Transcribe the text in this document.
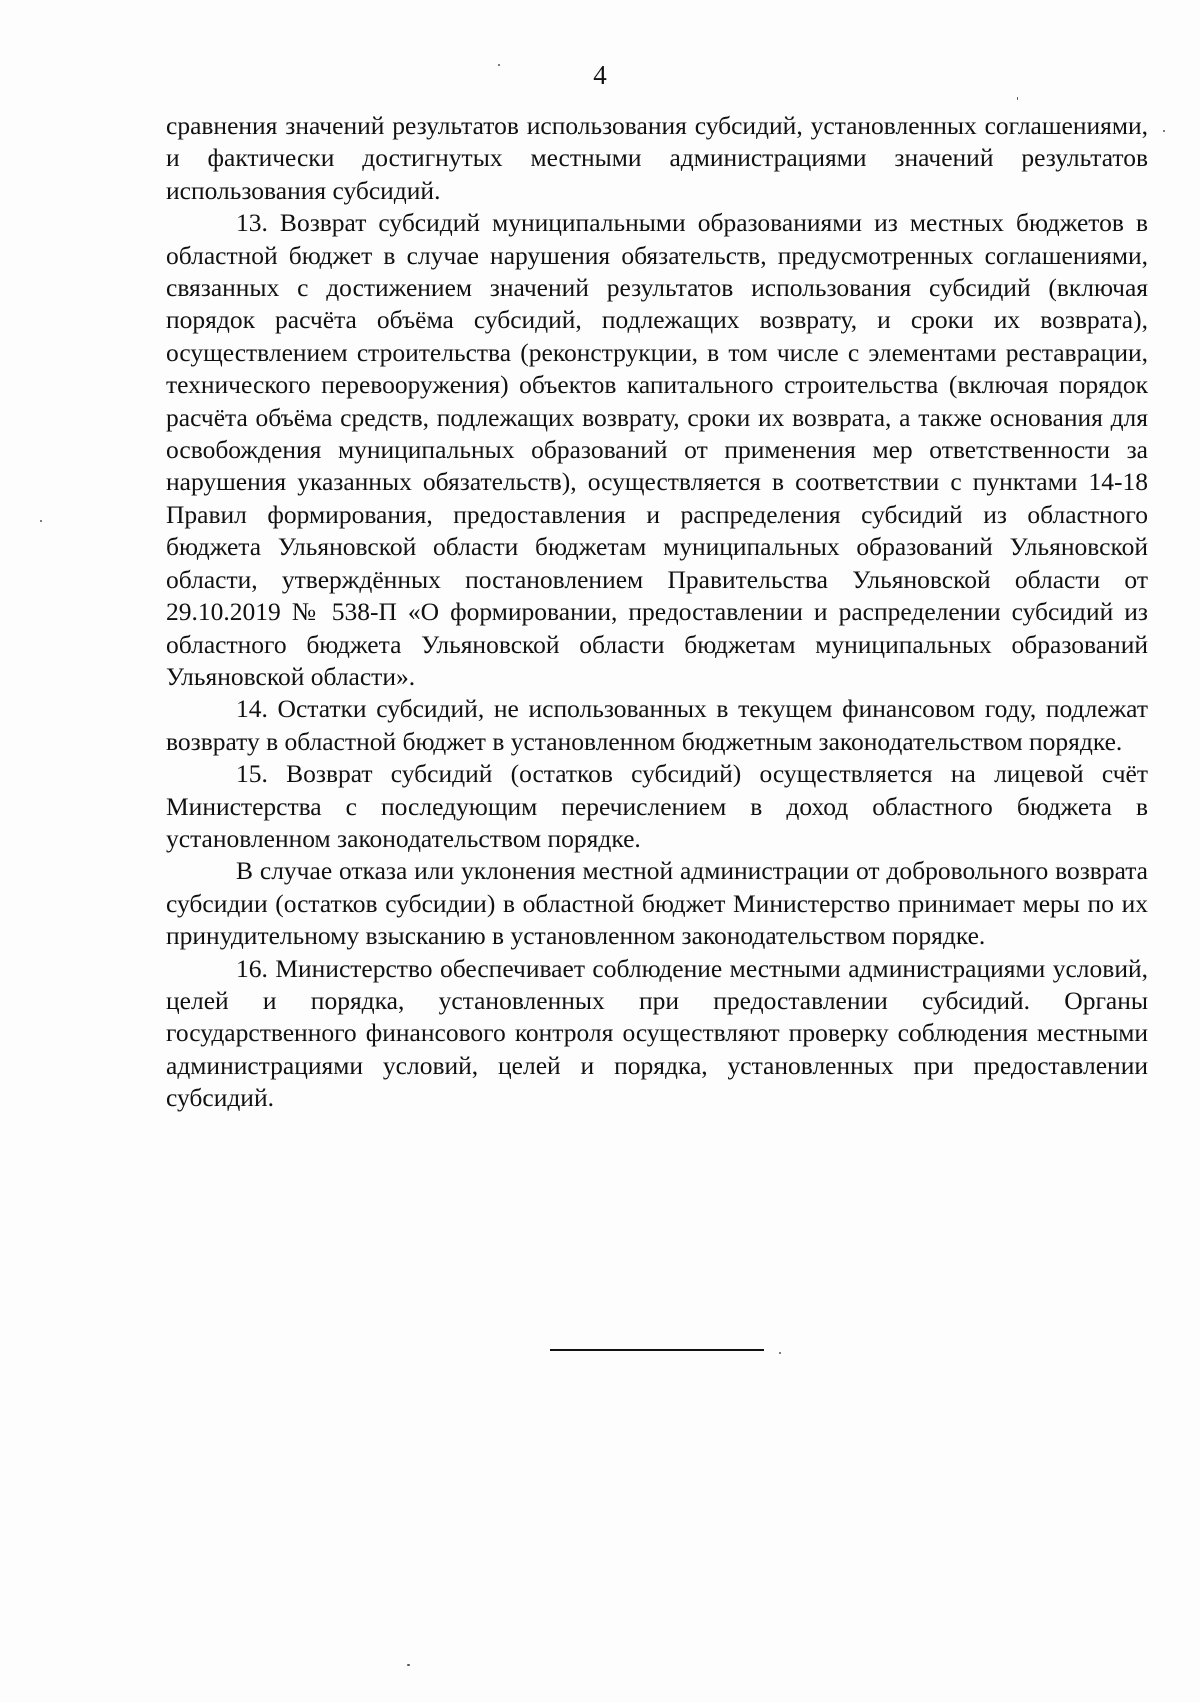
4

сравнения значений результатов использования субсидий, установленных соглашениями, и фактически достигнутых местными администрациями значений результатов использования субсидий.

13. Возврат субсидий муниципальными образованиями из местных бюджетов в областной бюджет в случае нарушения обязательств, предусмотренных соглашениями, связанных с достижением значений результатов использования субсидий (включая порядок расчёта объёма субсидий, подлежащих возврату, и сроки их возврата), осуществлением строительства (реконструкции, в том числе с элементами реставрации, технического перевооружения) объектов капитального строительства (включая порядок расчёта объёма средств, подлежащих возврату, сроки их возврата, а также основания для освобождения муниципальных образований от применения мер ответственности за нарушения указанных обязательств), осуществляется в соответствии с пунктами 14-18 Правил формирования, предоставления и распределения субсидий из областного бюджета Ульяновской области бюджетам муниципальных образований Ульяновской области, утверждённых постановлением Правительства Ульяновской области от 29.10.2019 № 538-П «О формировании, предоставлении и распределении субсидий из областного бюджета Ульяновской области бюджетам муниципальных образований Ульяновской области».

14. Остатки субсидий, не использованных в текущем финансовом году, подлежат возврату в областной бюджет в установленном бюджетным законодательством порядке.

15. Возврат субсидий (остатков субсидий) осуществляется на лицевой счёт Министерства с последующим перечислением в доход областного бюджета в установленном законодательством порядке.

В случае отказа или уклонения местной администрации от добровольного возврата субсидии (остатков субсидии) в областной бюджет Министерство принимает меры по их принудительному взысканию в установленном законодательством порядке.

16. Министерство обеспечивает соблюдение местными администрациями условий, целей и порядка, установленных при предоставлении субсидий. Органы государственного финансового контроля осуществляют проверку соблюдения местными администрациями условий, целей и порядка, установленных при предоставлении субсидий.
